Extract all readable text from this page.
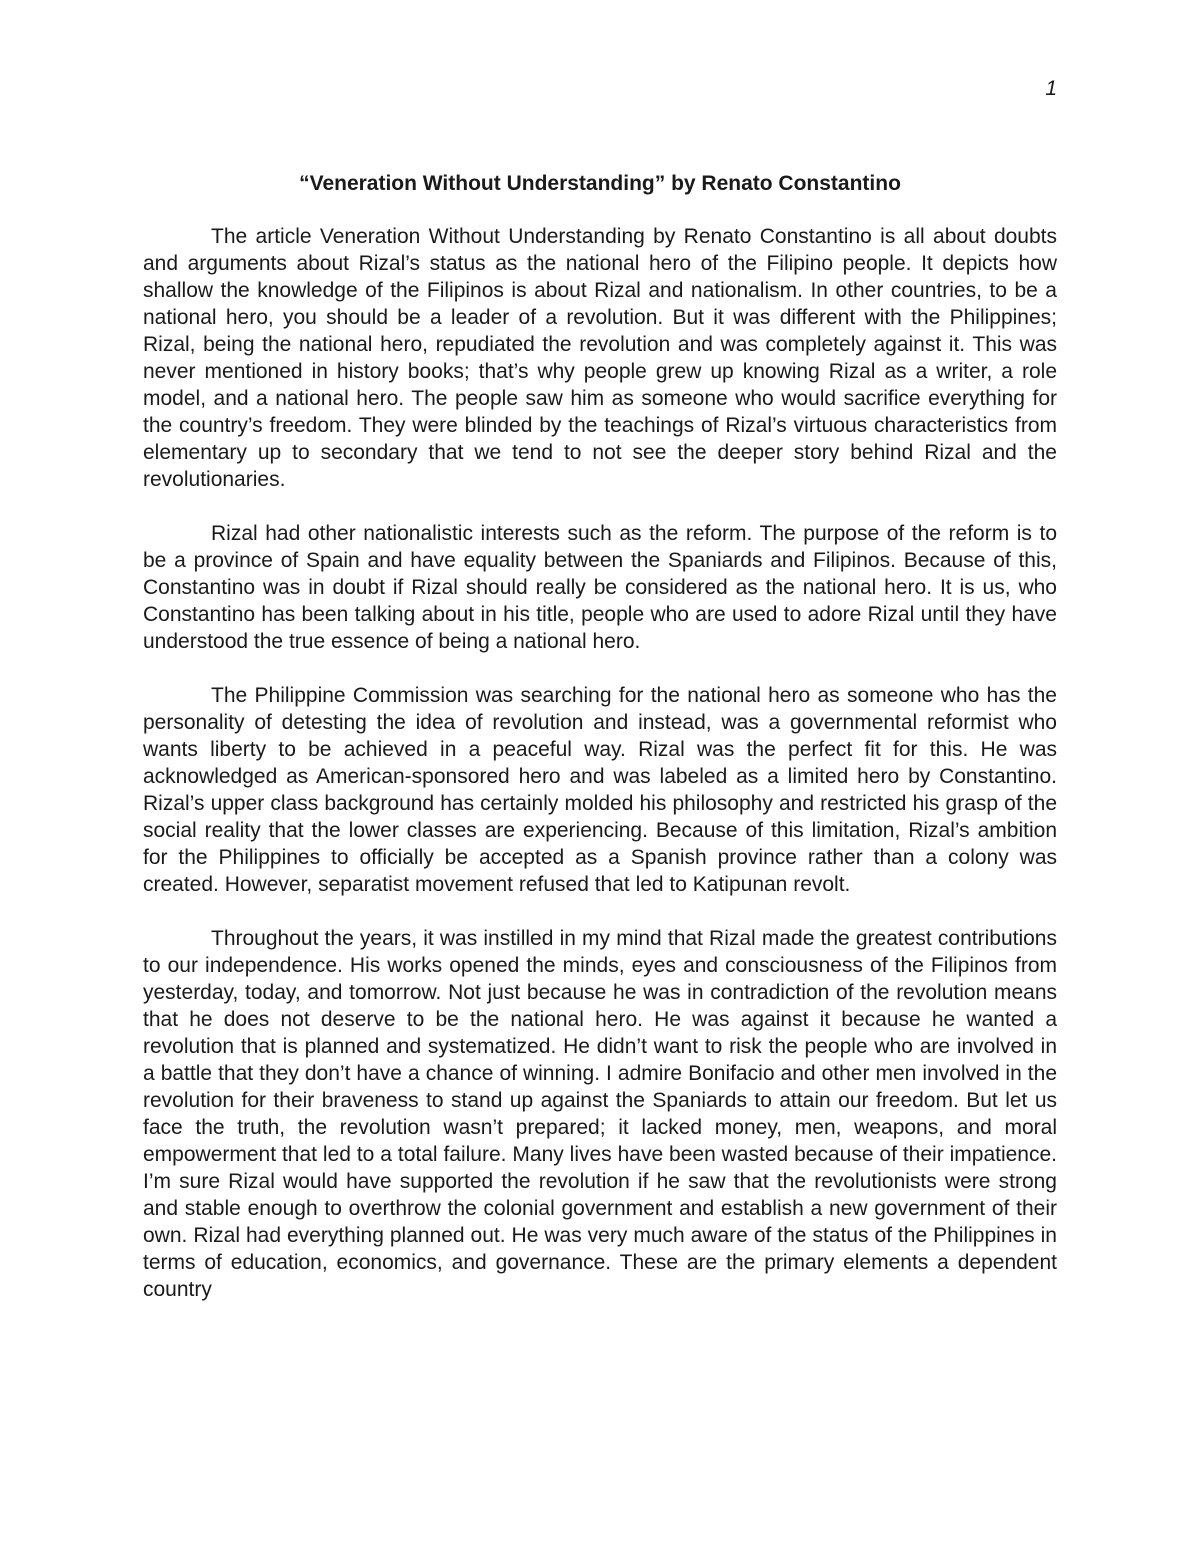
1
“Veneration Without Understanding” by Renato Constantino

The article Veneration Without Understanding by Renato Constantino is all about doubts and arguments about Rizal’s status as the national hero of the Filipino people. It depicts how shallow the knowledge of the Filipinos is about Rizal and nationalism. In other countries, to be a national hero, you should be a leader of a revolution. But it was different with the Philippines; Rizal, being the national hero, repudiated the revolution and was completely against it. This was never mentioned in history books; that’s why people grew up knowing Rizal as a writer, a role model, and a national hero. The people saw him as someone who would sacrifice everything for the country’s freedom. They were blinded by the teachings of Rizal’s virtuous characteristics from elementary up to secondary that we tend to not see the deeper story behind Rizal and the revolutionaries.

Rizal had other nationalistic interests such as the reform. The purpose of the reform is to be a province of Spain and have equality between the Spaniards and Filipinos. Because of this, Constantino was in doubt if Rizal should really be considered as the national hero. It is us, who Constantino has been talking about in his title, people who are used to adore Rizal until they have understood the true essence of being a national hero.

The Philippine Commission was searching for the national hero as someone who has the personality of detesting the idea of revolution and instead, was a governmental reformist who wants liberty to be achieved in a peaceful way. Rizal was the perfect fit for this. He was acknowledged as American-sponsored hero and was labeled as a limited hero by Constantino. Rizal’s upper class background has certainly molded his philosophy and restricted his grasp of the social reality that the lower classes are experiencing. Because of this limitation, Rizal’s ambition for the Philippines to officially be accepted as a Spanish province rather than a colony was created. However, separatist movement refused that led to Katipunan revolt.

Throughout the years, it was instilled in my mind that Rizal made the greatest contributions to our independence. His works opened the minds, eyes and consciousness of the Filipinos from yesterday, today, and tomorrow. Not just because he was in contradiction of the revolution means that he does not deserve to be the national hero. He was against it because he wanted a revolution that is planned and systematized. He didn’t want to risk the people who are involved in a battle that they don’t have a chance of winning. I admire Bonifacio and other men involved in the revolution for their braveness to stand up against the Spaniards to attain our freedom. But let us face the truth, the revolution wasn’t prepared; it lacked money, men, weapons, and moral empowerment that led to a total failure. Many lives have been wasted because of their impatience. I’m sure Rizal would have supported the revolution if he saw that the revolutionists were strong and stable enough to overthrow the colonial government and establish a new government of their own. Rizal had everything planned out. He was very much aware of the status of the Philippines in terms of education, economics, and governance. These are the primary elements a dependent country
